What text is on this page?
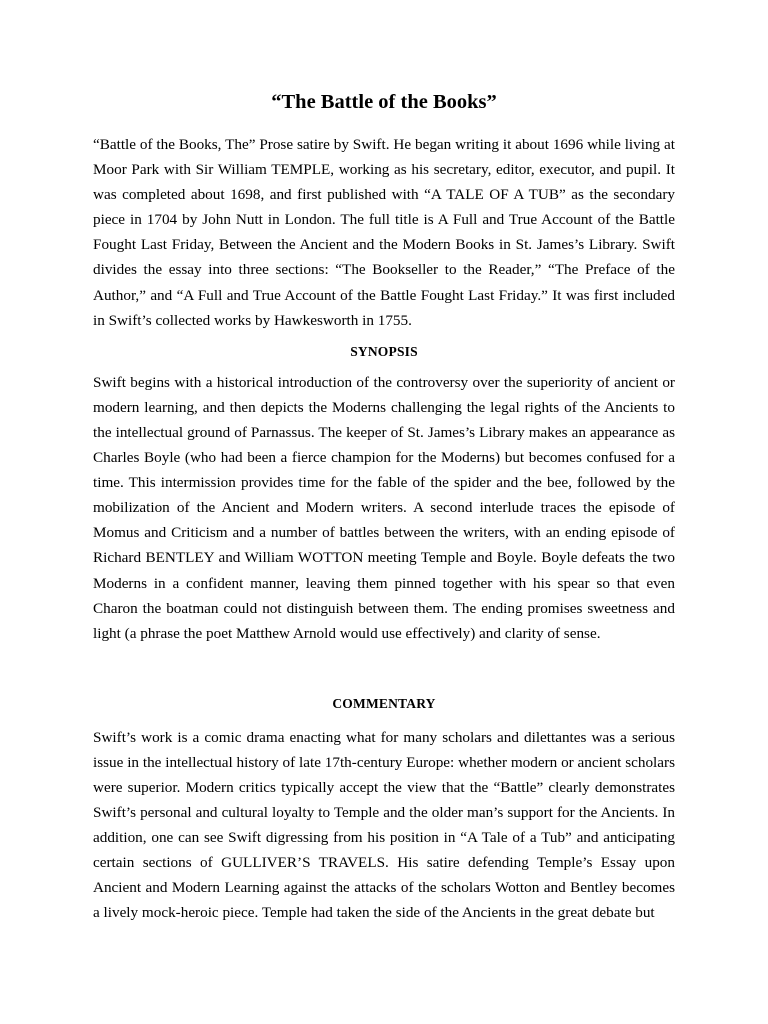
“The Battle of the Books”

“Battle of the Books, The” Prose satire by Swift. He began writing it about 1696 while living at Moor Park with Sir William TEMPLE, working as his secretary, editor, executor, and pupil. It was completed about 1698, and first published with “A TALE OF A TUB” as the secondary piece in 1704 by John Nutt in London. The full title is A Full and True Account of the Battle Fought Last Friday, Between the Ancient and the Modern Books in St. James’s Library. Swift divides the essay into three sections: “The Bookseller to the Reader,” “The Preface of the Author,” and “A Full and True Account of the Battle Fought Last Friday.” It was first included in Swift’s collected works by Hawkesworth in 1755.

SYNOPSIS

Swift begins with a historical introduction of the controversy over the superiority of ancient or modern learning, and then depicts the Moderns challenging the legal rights of the Ancients to the intellectual ground of Parnassus. The keeper of St. James’s Library makes an appearance as Charles Boyle (who had been a fierce champion for the Moderns) but becomes confused for a time. This intermission provides time for the fable of the spider and the bee, followed by the mobilization of the Ancient and Modern writers. A second interlude traces the episode of Momus and Criticism and a number of battles between the writers, with an ending episode of Richard BENTLEY and William WOTTON meeting Temple and Boyle. Boyle defeats the two Moderns in a confident manner, leaving them pinned together with his spear so that even Charon the boatman could not distinguish between them. The ending promises sweetness and light (a phrase the poet Matthew Arnold would use effectively) and clarity of sense.

COMMENTARY

Swift’s work is a comic drama enacting what for many scholars and dilettantes was a serious issue in the intellectual history of late 17th-century Europe: whether modern or ancient scholars were superior. Modern critics typically accept the view that the “Battle” clearly demonstrates Swift’s personal and cultural loyalty to Temple and the older man’s support for the Ancients. In addition, one can see Swift digressing from his position in “A Tale of a Tub” and anticipating certain sections of GULLIVER’S TRAVELS. His satire defending Temple’s Essay upon Ancient and Modern Learning against the attacks of the scholars Wotton and Bentley becomes a lively mock-heroic piece. Temple had taken the side of the Ancients in the great debate but
